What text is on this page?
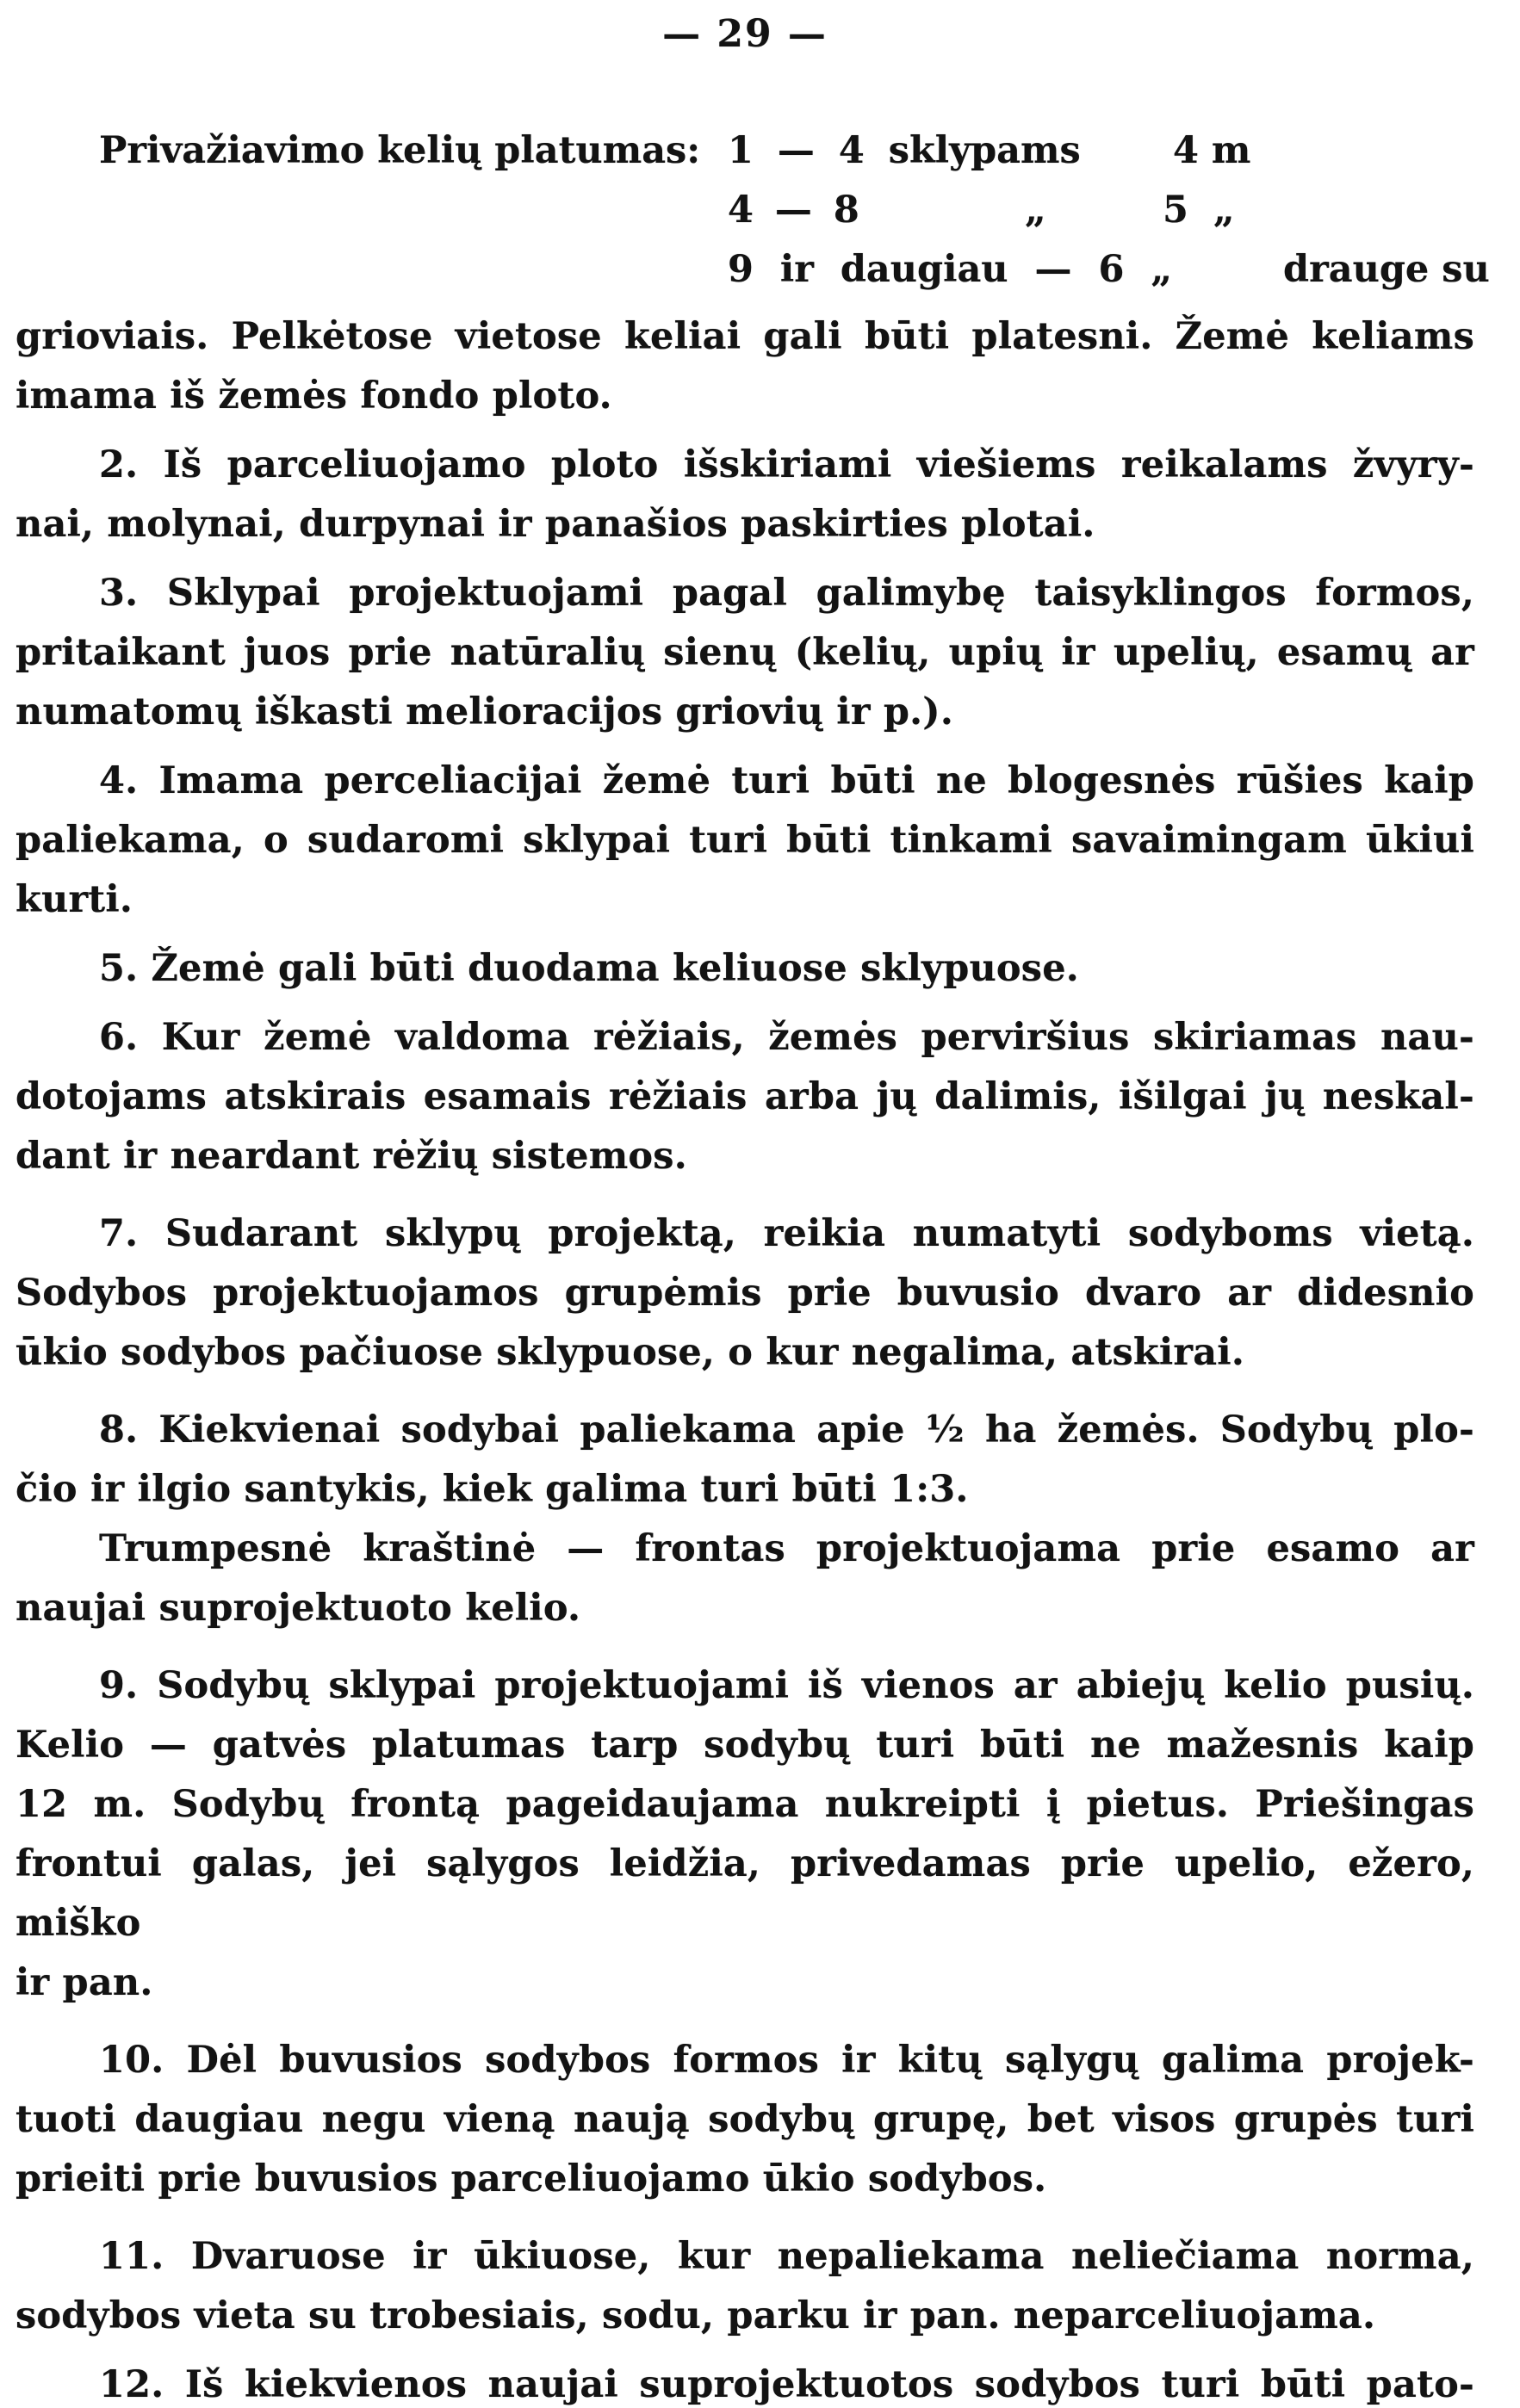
— 29 —
Privažiavimo kelių platumas: 1 — 4 sklypams 4 m
4 — 8	„	5 „
9 ir daugiau — 6 „	drauge su
grioviais. Pelkėtose vietose keliai gali būti platesni. Žemė keliams
imama iš žemės fondo ploto.
2. Iš parceliuojamo ploto išskiriami viešiems reikalams žvyry-
nai, molynai, durpynai ir panašios paskirties plotai.
3. Sklypai projektuojami pagal galimybę taisyklingos formos,
pritaikant juos prie natūralių sienų (kelių, upių ir upelių, esamų ar
numatomų iškasti melioracijos griovių ir p.).
4. Imama perceliacijai žemė turi būti ne blogesnės rūšies kaip
paliekama, o sudaromi sklypai turi būti tinkami savaimingam ūkiui
kurti.
5. Žemė gali būti duodama keliuose sklypuose.
6. Kur žemė valdoma rėžiais, žemės perviršius skiriamas nau-
dotojams atskirais esamais rėžiais arba jų dalimis, išilgai jų neskal-
dant ir neardant rėžių sistemos.
7. Sudarant sklypų projektą, reikia numatyti sodyboms vietą.
Sodybos projektuojamos grupėmis prie buvusio dvaro ar didesnio
ūkio sodybos pačiuose sklypuose, o kur negalima, atskirai.
8. Kiekvienai sodybai paliekama apie ½ ha žemės. Sodybų plo-
čio ir ilgio santykis, kiek galima turi būti 1:3.
Trumpesnė kraštinė — frontas projektuojama prie esamo ar
naujai suprojektuoto kelio.
9. Sodybų sklypai projektuojami iš vienos ar abiejų kelio pusių.
Kelio — gatvės platumas tarp sodybų turi būti ne mažesnis kaip
12 m. Sodybų frontą pageidaujama nukreipti į pietus. Priešingas
frontui galas, jei sąlygos leidžia, privedamas prie upelio, ežero, miško
ir pan.
10. Dėl buvusios sodybos formos ir kitų sąlygų galima projek-
tuoti daugiau negu vieną naują sodybų grupę, bet visos grupės turi
prieiti prie buvusios parceliuojamo ūkio sodybos.
11. Dvaruose ir ūkiuose, kur nepaliekama neliečiama norma,
sodybos vieta su trobesiais, sodu, parku ir pan. neparceliuojama.
12. Iš kiekvienos naujai suprojektuotos sodybos turi būti pato-
